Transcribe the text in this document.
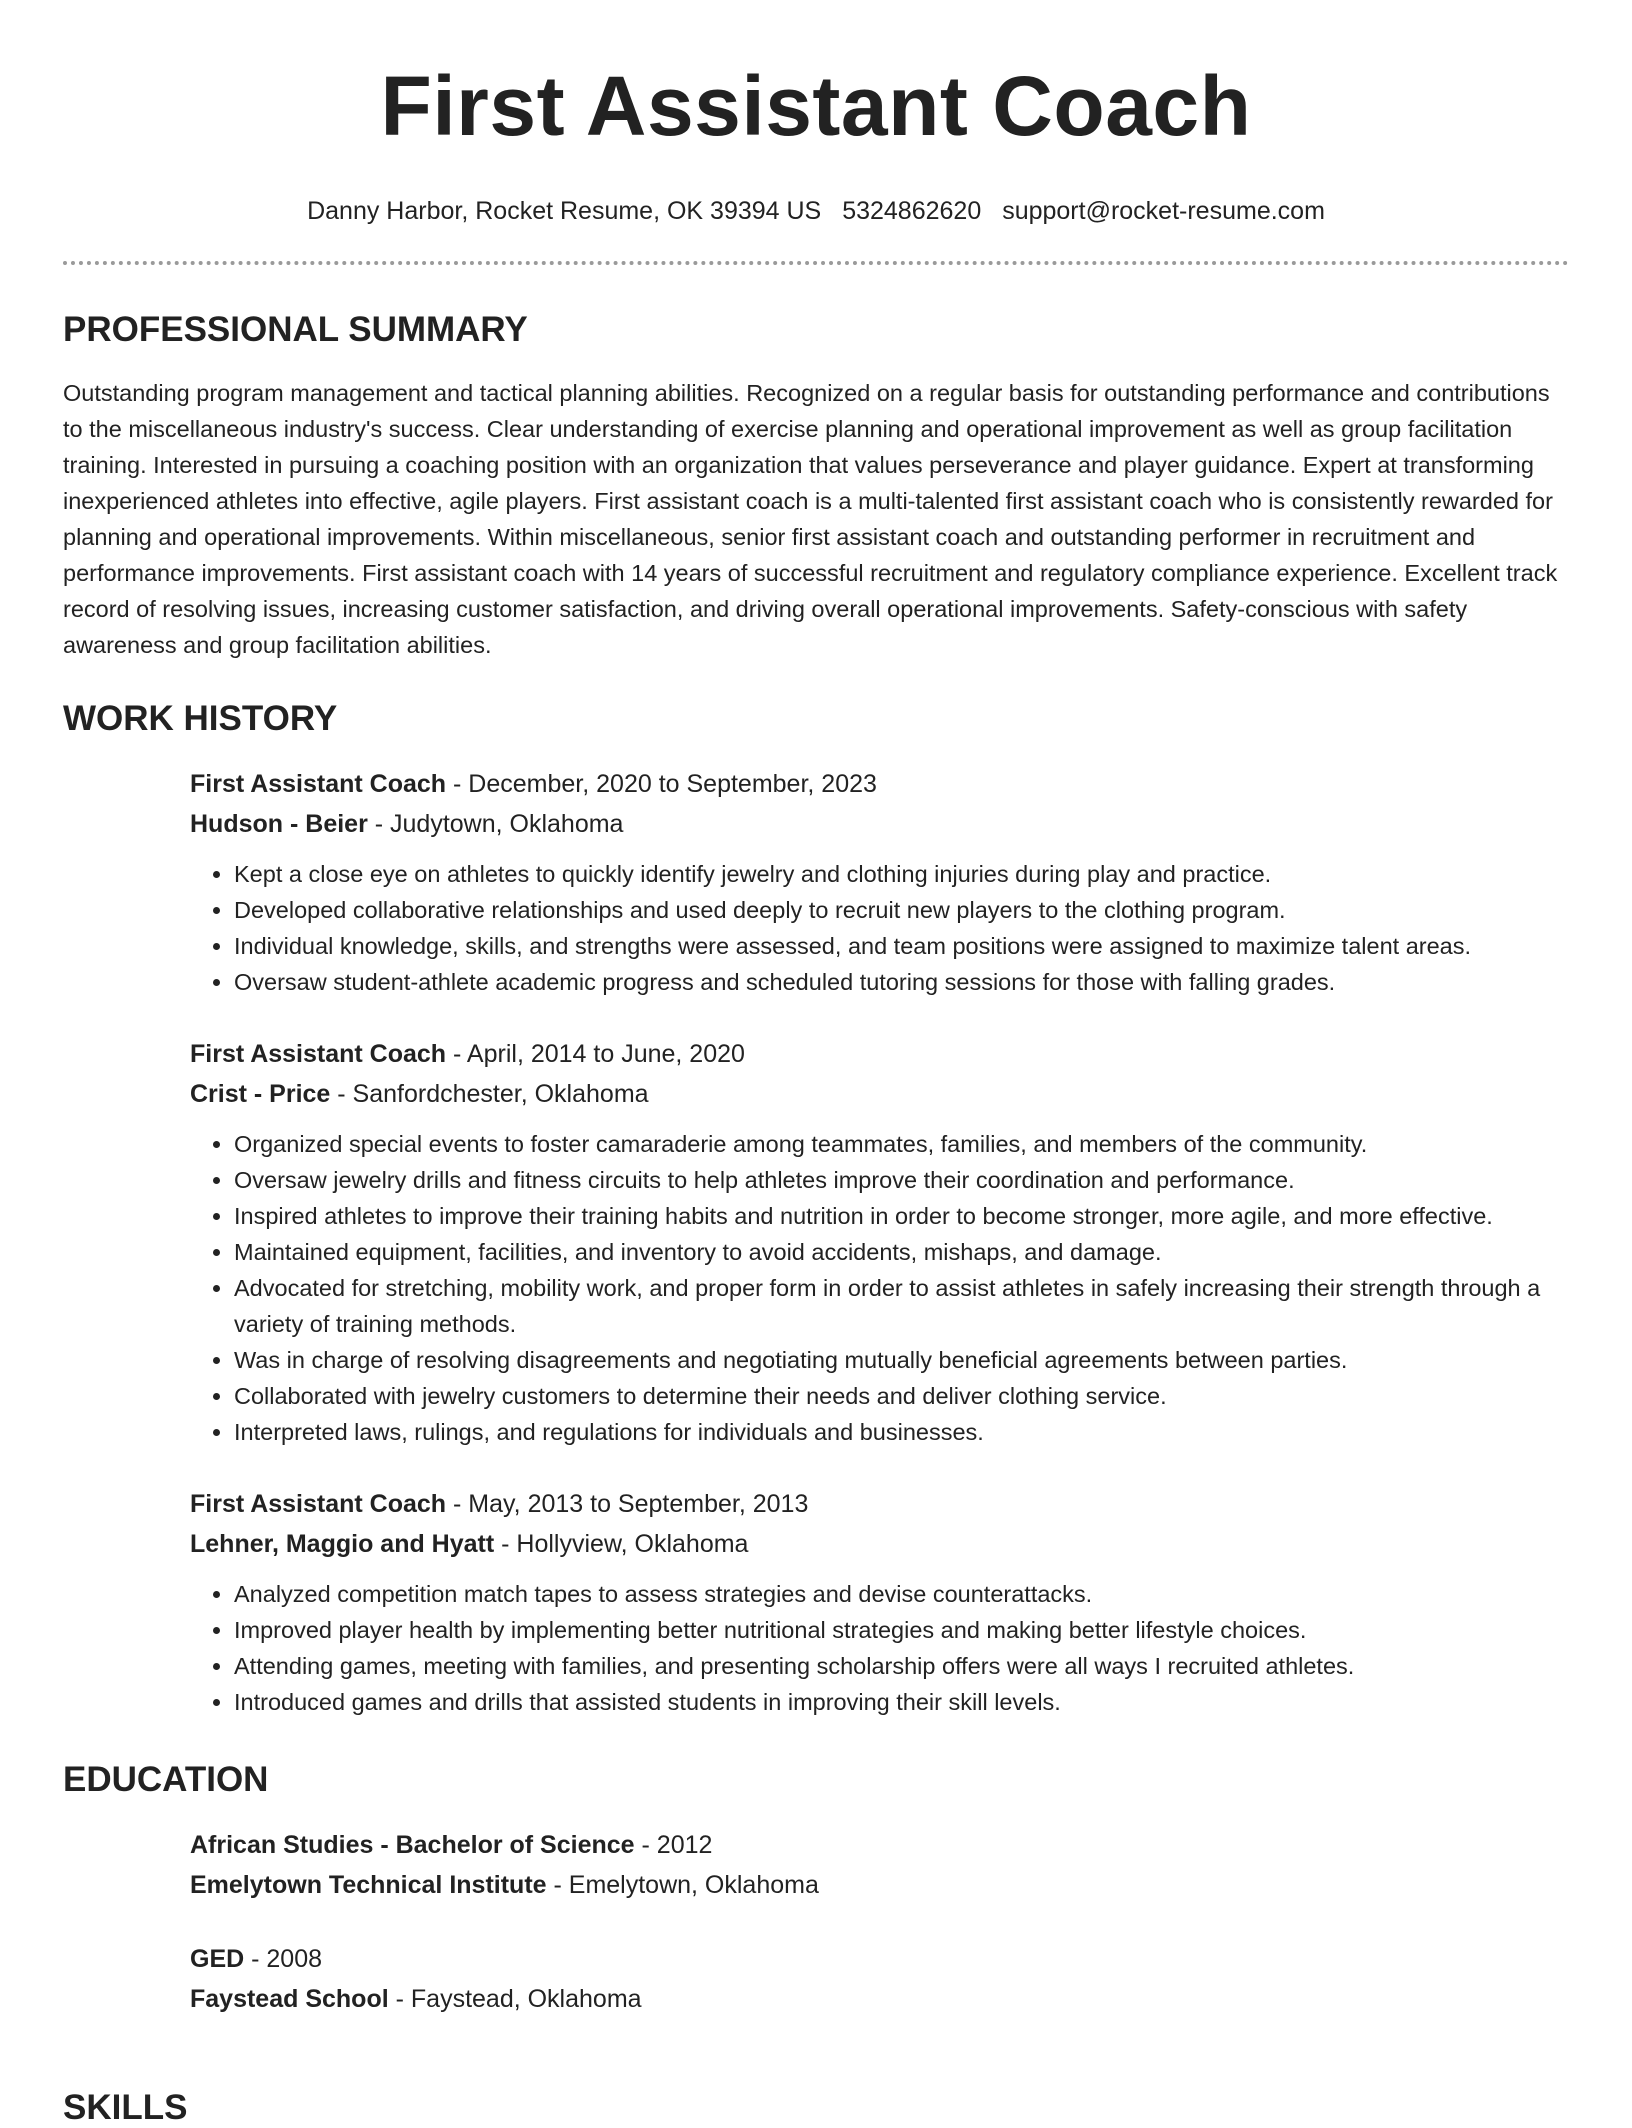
First Assistant Coach
Danny Harbor, Rocket Resume, OK 39394 US 5324862620 support@rocket-resume.com
PROFESSIONAL SUMMARY

Outstanding program management and tactical planning abilities. Recognized on a regular basis for outstanding performance and contributions to the miscellaneous industry's success. Clear understanding of exercise planning and operational improvement as well as group facilitation training. Interested in pursuing a coaching position with an organization that values perseverance and player guidance. Expert at transforming inexperienced athletes into effective, agile players. First assistant coach is a multi-talented first assistant coach who is consistently rewarded for planning and operational improvements. Within miscellaneous, senior first assistant coach and outstanding performer in recruitment and performance improvements. First assistant coach with 14 years of successful recruitment and regulatory compliance experience. Excellent track record of resolving issues, increasing customer satisfaction, and driving overall operational improvements. Safety-conscious with safety awareness and group facilitation abilities.

WORK HISTORY

First Assistant Coach - December, 2020 to September, 2023

Hudson - Beier - Judytown, Oklahoma

• Kept a close eye on athletes to quickly identify jewelry and clothing injuries during play and practice.
• Developed collaborative relationships and used deeply to recruit new players to the clothing program.
• Individual knowledge, skills, and strengths were assessed, and team positions were assigned to maximize talent areas.
• Oversaw student-athlete academic progress and scheduled tutoring sessions for those with falling grades.

First Assistant Coach - April, 2014 to June, 2020

Crist - Price - Sanfordchester, Oklahoma

• Organized special events to foster camaraderie among teammates, families, and members of the community.
• Oversaw jewelry drills and fitness circuits to help athletes improve their coordination and performance.
• Inspired athletes to improve their training habits and nutrition in order to become stronger, more agile, and more effective.
• Maintained equipment, facilities, and inventory to avoid accidents, mishaps, and damage.
• Advocated for stretching, mobility work, and proper form in order to assist athletes in safely increasing their strength through a variety of training methods.
• Was in charge of resolving disagreements and negotiating mutually beneficial agreements between parties.
• Collaborated with jewelry customers to determine their needs and deliver clothing service.
• Interpreted laws, rulings, and regulations for individuals and businesses.

First Assistant Coach - May, 2013 to September, 2013

Lehner, Maggio and Hyatt - Hollyview, Oklahoma

• Analyzed competition match tapes to assess strategies and devise counterattacks.
• Improved player health by implementing better nutritional strategies and making better lifestyle choices.
• Attending games, meeting with families, and presenting scholarship offers were all ways I recruited athletes.
• Introduced games and drills that assisted students in improving their skill levels.
EDUCATION

African Studies - Bachelor of Science - 2012

Emelytown Technical Institute - Emelytown, Oklahoma

GED - 2008

Faystead School - Faystead, Oklahoma

SKILLS
